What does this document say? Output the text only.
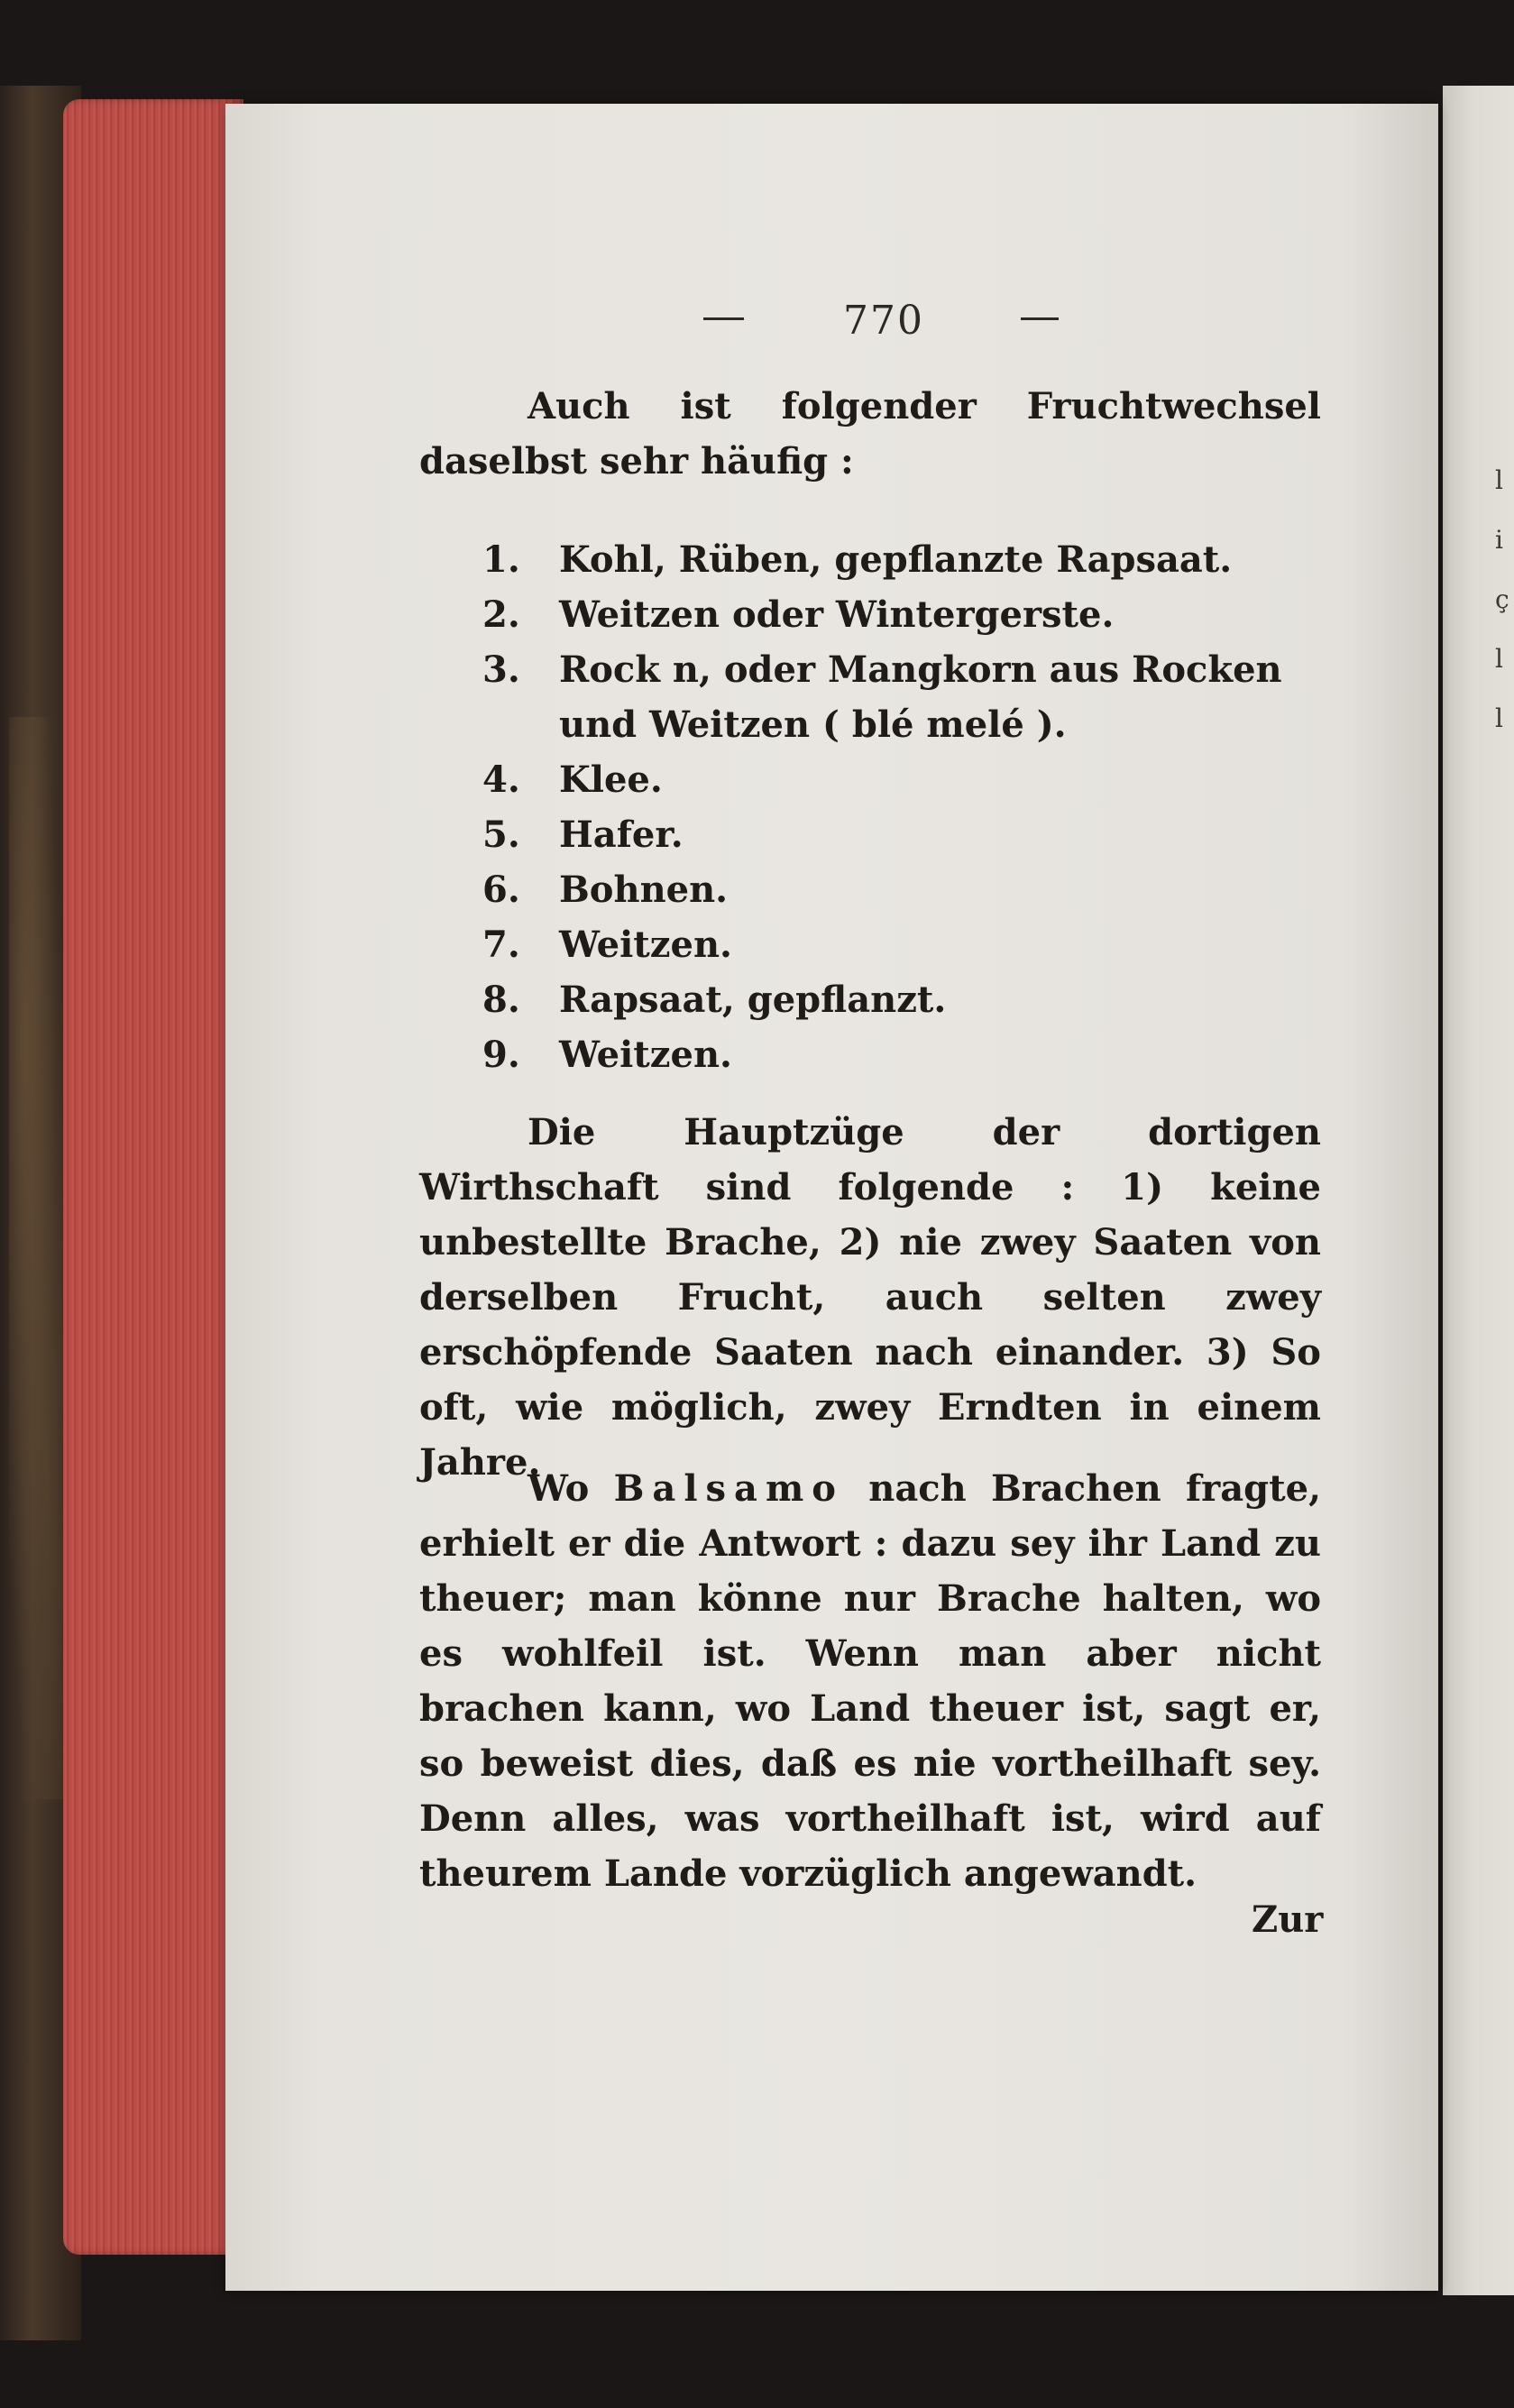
l
i
ç
l
l
770
Auch ist folgender Fruchtwechsel daselbst sehr häufig :
1. Kohl, Rüben, gepflanzte Rapsaat.
2. Weitzen oder Wintergerste.
3. Rock n, oder Mangkorn aus Rocken und Weitzen ( blé melé ).
4. Klee.
5. Hafer.
6. Bohnen.
7. Weitzen.
8. Rapsaat, gepflanzt.
9. Weitzen.
Die Hauptzüge der dortigen Wirthschaft sind folgende : 1) keine unbestellte Brache, 2) nie zwey Saaten von derselben Frucht, auch selten zwey erschöpfende Saaten nach einander. 3) So oft, wie möglich, zwey Erndten in einem Jahre.
Wo Balsamo nach Brachen fragte, erhielt er die Antwort : dazu sey ihr Land zu theuer; man könne nur Brache halten, wo es wohlfeil ist. Wenn man aber nicht brachen kann, wo Land theuer ist, sagt er, so beweist dies, daß es nie vortheilhaft sey. Denn alles, was vortheilhaft ist, wird auf theurem Lande vorzüglich angewandt.
Zur
